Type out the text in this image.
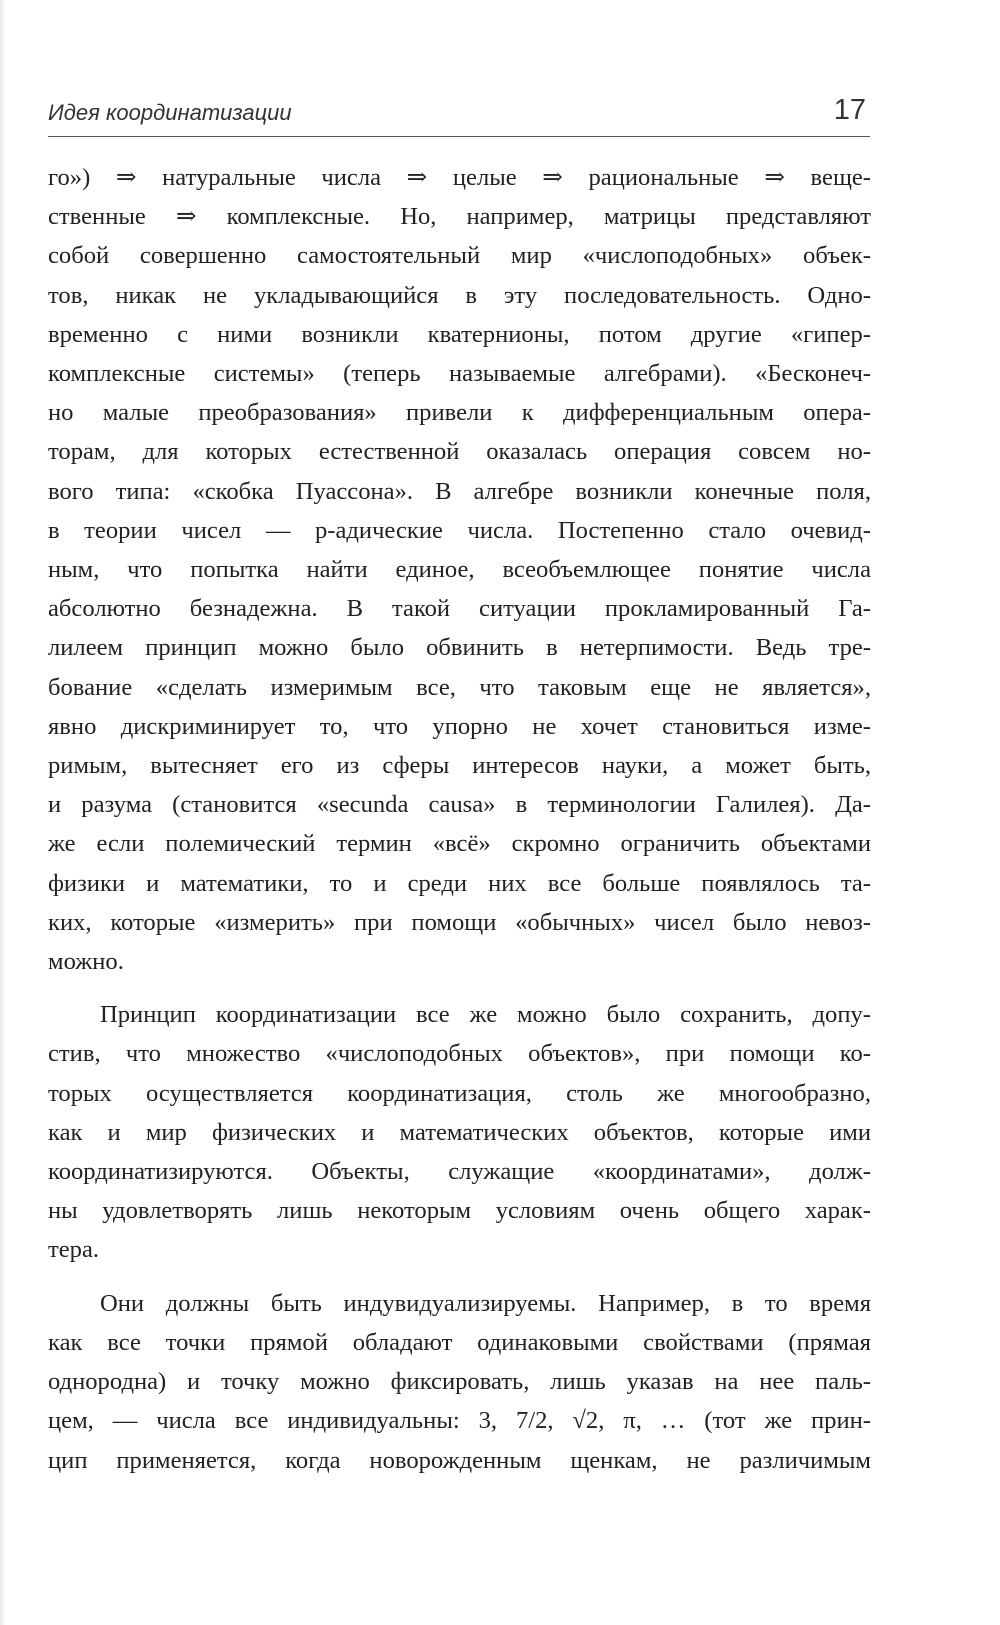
Идея координатизации	17

го») ⇒ натуральные числа ⇒ целые ⇒ рациональные ⇒ веще-
ственные ⇒ комплексные. Но, например, матрицы представляют
собой совершенно самостоятельный мир «числоподобных» объек-
тов, никак не укладывающийся в эту последовательность. Одно-
временно с ними возникли кватернионы, потом другие «гипер-
комплексные системы» (теперь называемые алгебрами). «Бесконеч-
но малые преобразования» привели к дифференциальным опера-
торам, для которых естественной оказалась операция совсем но-
вого типа: «скобка Пуассона». В алгебре возникли конечные поля,
в теории чисел — p-адические числа. Постепенно стало очевид-
ным, что попытка найти единое, всеобъемлющее понятие числа
абсолютно безнадежна. В такой ситуации прокламированный Га-
лилеем принцип можно было обвинить в нетерпимости. Ведь тре-
бование «сделать измеримым все, что таковым еще не является»,
явно дискриминирует то, что упорно не хочет становиться изме-
римым, вытесняет его из сферы интересов науки, а может быть,
и разума (становится «secunda causa» в терминологии Галилея). Да-
же если полемический термин «всё» скромно ограничить объектами
физики и математики, то и среди них все больше появлялось та-
ких, которые «измерить» при помощи «обычных» чисел было невоз-
можно.

Принцип координатизации все же можно было сохранить, допу-
стив, что множество «числоподобных объектов», при помощи ко-
торых осуществляется координатизация, столь же многообразно,
как и мир физических и математических объектов, которые ими
координатизируются. Объекты, служащие «координатами», долж-
ны удовлетворять лишь некоторым условиям очень общего харак-
тера.

Они должны быть индувидуализируемы. Например, в то время
как все точки прямой обладают одинаковыми свойствами (прямая
однородна) и точку можно фиксировать, лишь указав на нее паль-
цем, — числа все индивидуальны: 3, 7/2, √2, π, … (тот же прин-
цип применяется, когда новорожденным щенкам, не различимым
